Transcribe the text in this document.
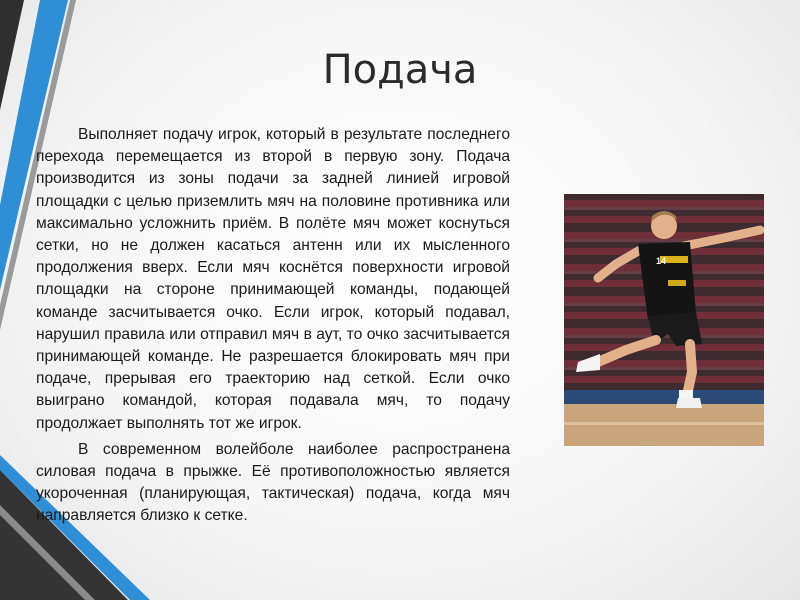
Подача

Выполняет подачу игрок, который в результате последнего перехода перемещается из второй в первую зону. Подача производится из зоны подачи за задней линией игровой площадки с целью приземлить мяч на половине противника или максимально усложнить приём. В полёте мяч может коснуться сетки, но не должен касаться антенн или их мысленного продолжения вверх. Если мяч коснётся поверхности игровой площадки на стороне принимающей команды, подающей команде засчитывается очко. Если игрок, который подавал, нарушил правила или отправил мяч в аут, то очко засчитывается принимающей команде. Не разрешается блокировать мяч при подаче, прерывая его траекторию над сеткой. Если очко выиграно командой, которая подавала мяч, то подачу продолжает выполнять тот же игрок.

В современном волейболе наиболее распространена силовая подача в прыжке. Её противоположностью является укороченная (планирующая, тактическая) подача, когда мяч направляется близко к сетке.

14
